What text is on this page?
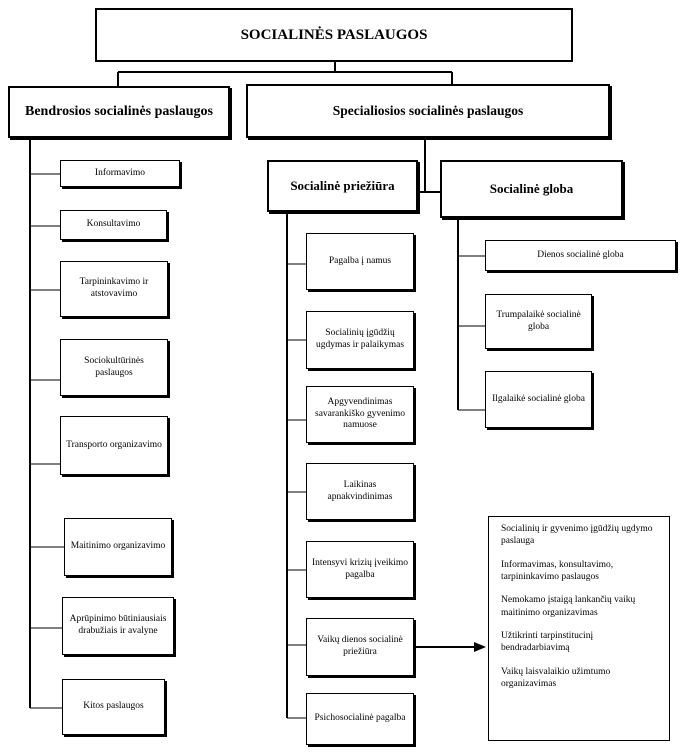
SOCIALINĖS PASLAUGOS
Bendrosios socialinės paslaugos	Specialiosios socialinės paslaugos
Socialinė priežiūra	Socialinė globa
Informavimo
Konsultavimo
Tarpininkavimo ir atstovavimo
Sociokultūrinės paslaugos
Transporto organizavimo
Maitinimo organizavimo
Aprūpinimo būtiniausiais drabužiais ir avalyne
Kitos paslaugos
Pagalba į namus
Socialinių įgūdžių ugdymas ir palaikymas
Apgyvendinimas savarankiško gyvenimo namuose
Laikinas apnakvindinimas
Intensyvi krizių įveikimo pagalba
Vaikų dienos socialinė priežiūra
Psichosocialinė pagalba
Dienos socialinė globa
Trumpalaikė socialinė globa
Ilgalaikė socialinė globa
Socialinių ir gyvenimo įgūdžių ugdymo paslauga
Informavimas, konsultavimo, tarpininkavimo paslaugos
Nemokamo įstaigą lankančių vaikų maitinimo organizavimas
Užtikrinti tarpinstitucinį bendradarbiavimą
Vaikų laisvalaikio užimtumo organizavimas
